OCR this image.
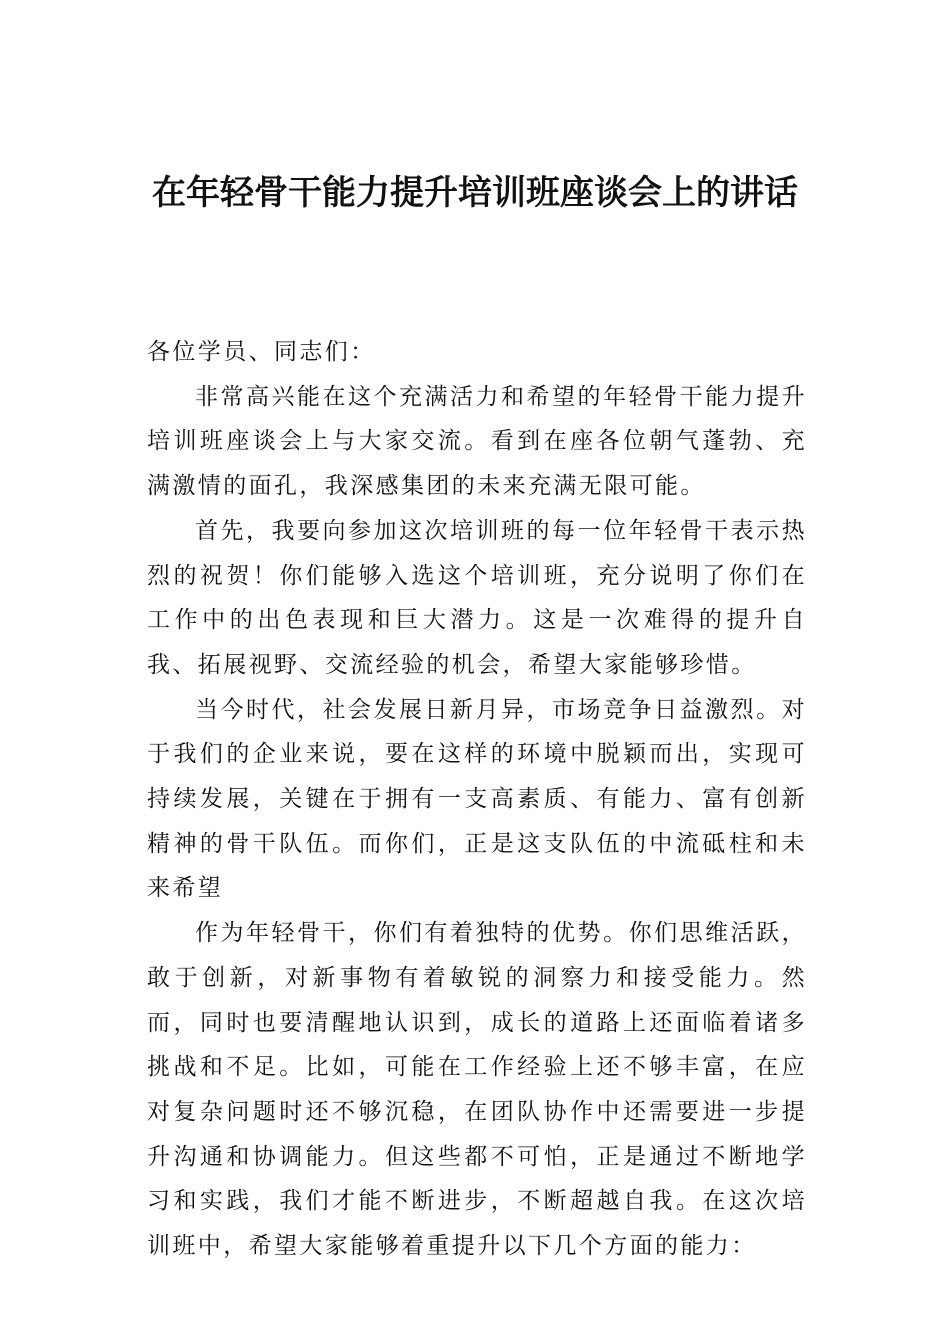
在年轻骨干能力提升培训班座谈会上的讲话

各位学员、同志们：

非常高兴能在这个充满活力和希望的年轻骨干能力提升培训班座谈会上与大家交流。看到在座各位朝气蓬勃、充满激情的面孔，我深感集团的未来充满无限可能。

首先，我要向参加这次培训班的每一位年轻骨干表示热烈的祝贺！你们能够入选这个培训班，充分说明了你们在工作中的出色表现和巨大潜力。这是一次难得的提升自我、拓展视野、交流经验的机会，希望大家能够珍惜。

当今时代，社会发展日新月异，市场竞争日益激烈。对于我们的企业来说，要在这样的环境中脱颖而出，实现可持续发展，关键在于拥有一支高素质、有能力、富有创新精神的骨干队伍。而你们，正是这支队伍的中流砥柱和未来希望

作为年轻骨干，你们有着独特的优势。你们思维活跃，敢于创新，对新事物有着敏锐的洞察力和接受能力。然而，同时也要清醒地认识到，成长的道路上还面临着诸多挑战和不足。比如，可能在工作经验上还不够丰富，在应对复杂问题时还不够沉稳，在团队协作中还需要进一步提升沟通和协调能力。但这些都不可怕，正是通过不断地学习和实践，我们才能不断进步，不断超越自我。在这次培训班中，希望大家能够着重提升以下几个方面的能力：
